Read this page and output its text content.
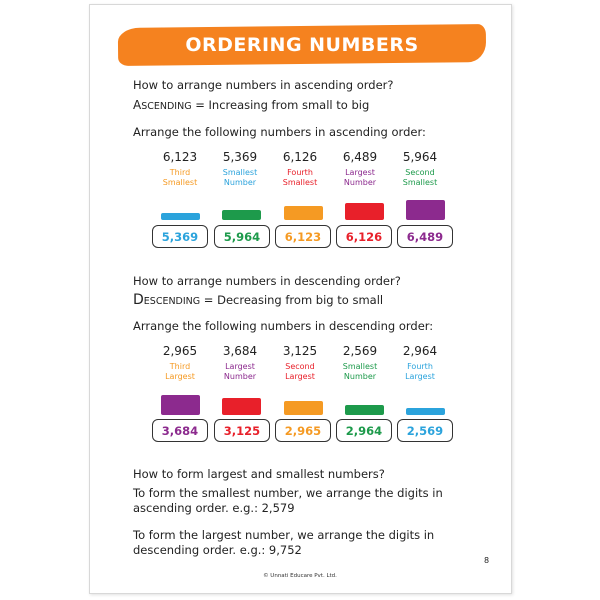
ORDERING NUMBERS
How to arrange numbers in ascending order?
ASCENDING = Increasing from small to big
Arrange the following numbers in ascending order:
6,123
Third
Smallest
5,369
Smallest
Number
6,126
Fourth
Smallest
6,489
Largest
Number
5,964
Second
Smallest
5,369	5,964	6,123	6,126	6,489
How to arrange numbers in descending order?
DESCENDING = Decreasing from big to small
Arrange the following numbers in descending order:
2,965
Third
Largest
3,684
Largest
Number
3,125
Second
Largest
2,569
Smallest
Number
2,964
Fourth
Largest
3,684	3,125	2,965	2,964	2,569
How to form largest and smallest numbers?
To form the smallest number, we arrange the digits in
ascending order. e.g.: 2,579
To form the largest number, we arrange the digits in
descending order. e.g.: 9,752
8
© Unnati Educare Pvt. Ltd.
